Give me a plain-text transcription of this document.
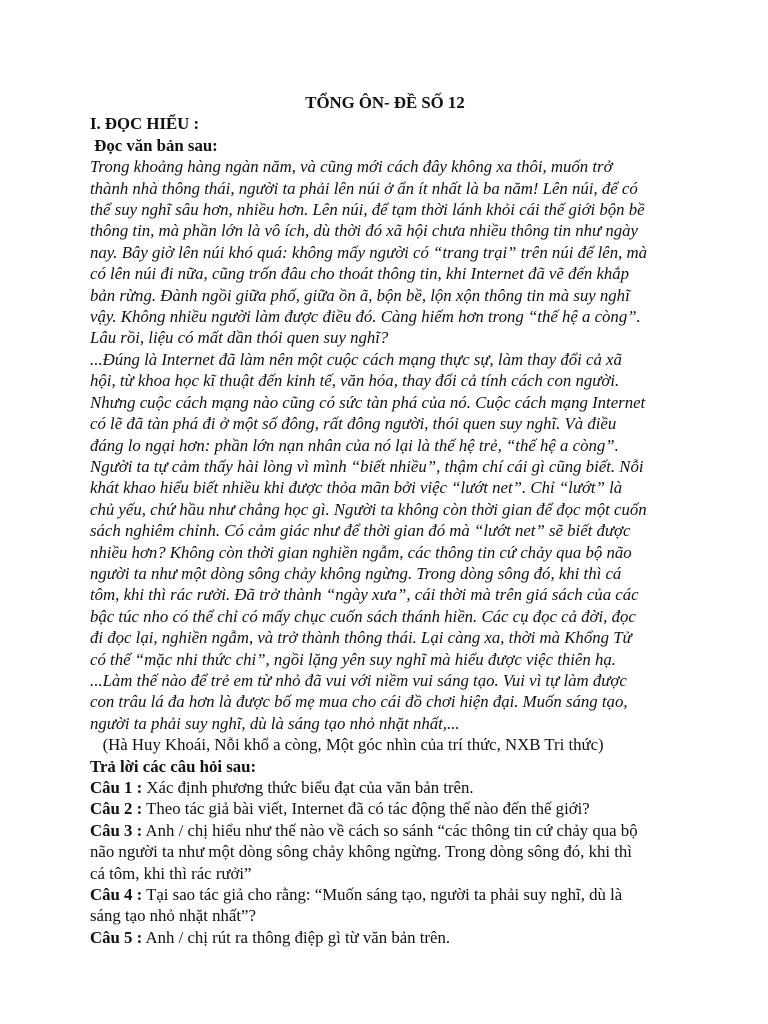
TỔNG ÔN- ĐỀ SỐ 12
I. ĐỌC HIỂU :
Đọc văn bản sau:
Trong khoảng hàng ngàn năm, và cũng mới cách đây không xa thôi, muốn trở
thành nhà thông thái, người ta phải lên núi ở ẩn ít nhất là ba năm! Lên núi, để có
thể suy nghĩ sâu hơn, nhiều hơn. Lên núi, để tạm thời lánh khỏi cái thế giới bộn bề
thông tin, mà phần lớn là vô ích, dù thời đó xã hội chưa nhiều thông tin như ngày
nay. Bây giờ lên núi khó quá: không mấy người có “trang trại” trên núi để lên, mà
có lên núi đi nữa, cũng trốn đâu cho thoát thông tin, khi Internet đã vẽ đến khắp
bản rừng. Đành ngồi giữa phố, giữa ồn ã, bộn bề, lộn xộn thông tin mà suy nghĩ
vậy. Không nhiều người làm được điều đó. Càng hiếm hơn trong “thế hệ a còng”.
Lâu rồi, liệu có mất dần thói quen suy nghĩ?
...Đúng là Internet đã làm nên một cuộc cách mạng thực sự, làm thay đổi cả xã
hội, từ khoa học kĩ thuật đến kinh tế, văn hóa, thay đổi cả tính cách con người.
Nhưng cuộc cách mạng nào cũng có sức tàn phá của nó. Cuộc cách mạng Internet
có lẽ đã tàn phá đi ở một số đông, rất đông người, thói quen suy nghĩ. Và điều
đáng lo ngại hơn: phần lớn nạn nhân của nó lại là thế hệ trẻ, “thế hệ a còng”.
Người ta tự cảm thấy hài lòng vì mình “biết nhiều”, thậm chí cái gì cũng biết. Nỗi
khát khao hiểu biết nhiều khi được thỏa mãn bởi việc “lướt net”. Chỉ “lướt” là
chủ yếu, chứ hầu như chẳng học gì. Người ta không còn thời gian để đọc một cuốn
sách nghiêm chỉnh. Có cảm giác như để thời gian đó mà “lướt net” sẽ biết được
nhiều hơn? Không còn thời gian nghiền ngẫm, các thông tin cứ chảy qua bộ não
người ta như một dòng sông chảy không ngừng. Trong dòng sông đó, khi thì cá
tôm, khi thì rác rưởi. Đã trở thành “ngày xưa”, cái thời mà trên giá sách của các
bậc túc nho có thể chỉ có mấy chục cuốn sách thánh hiền. Các cụ đọc cả đời, đọc
đi đọc lại, nghiền ngẫm, và trở thành thông thái. Lại càng xa, thời mà Khổng Tử
có thể “mặc nhi thức chi”, ngồi lặng yên suy nghĩ mà hiểu được việc thiên hạ.
...Làm thế nào để trẻ em từ nhỏ đã vui với niềm vui sáng tạo. Vui vì tự làm được
con trâu lá đa hơn là được bố mẹ mua cho cái đồ chơi hiện đại. Muốn sáng tạo,
người ta phải suy nghĩ, dù là sáng tạo nhỏ nhặt nhất,...
(Hà Huy Khoái, Nỗi khổ a còng, Một góc nhìn của trí thức, NXB Tri thức)
Trả lời các câu hỏi sau:
Câu 1 : Xác định phương thức biểu đạt của văn bản trên.
Câu 2 : Theo tác giả bài viết, Internet đã có tác động thế nào đến thế giới?
Câu 3 : Anh / chị hiểu như thế nào về cách so sánh “các thông tin cứ chảy qua bộ
não người ta như một dòng sông chảy không ngừng. Trong dòng sông đó, khi thì
cá tôm, khi thì rác rưởi”
Câu 4 : Tại sao tác giả cho rằng: “Muốn sáng tạo, người ta phải suy nghĩ, dù là
sáng tạo nhỏ nhặt nhất”?
Câu 5 : Anh / chị rút ra thông điệp gì từ văn bản trên.
